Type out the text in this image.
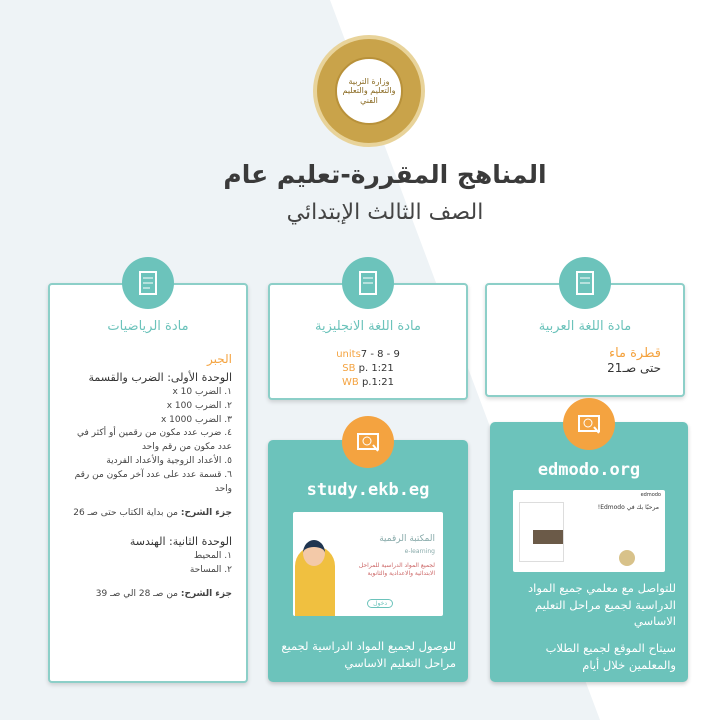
وزارة التربية والتعليم والتعليم الفني
المناهج المقررة-تعليم عام
الصف الثالث الإبتدائي
مادة الرياضيات
الجبر
الوحدة الأولى: الضرب والقسمة
١. الضرب x 10
٢. الضرب x 100
٣. الضرب x 1000
٤. ضرب عدد مكون من رقمين أو أكثر في عدد مكون من رقم واحد
٥. الأعداد الزوجية والأعداد الفردية
٦. قسمة عدد على عدد آخر مكون من رقم واحد
جزء الشرح: من بداية الكتاب حتى صـ 26
الوحدة الثانية: الهندسة
١. المحيط
٢. المساحة
جزء الشرح: من صـ 28 الي صـ 39
مادة اللغة الانجليزية
units7 - 8 - 9
SB p. 1:21
WB p.1:21
مادة اللغة العربية
قطرة ماء
حتى صـ21
study.ekb.eg
المكتبة الرقمية
e-learning
لجميع المواد الدراسية للمراحل الابتدائية والاعدادية والثانوية
دخول
للوصول لجميع المواد الدراسية لجميع مراحل التعليم الاساسي
edmodo.org
edmodo
مرحبًا بك في Edmodo!
للتواصل مع معلمي جميع المواد الدراسية لجميع مراحل التعليم الاساسي
سيتاح الموقع لجميع الطلاب والمعلمين خلال أيام
